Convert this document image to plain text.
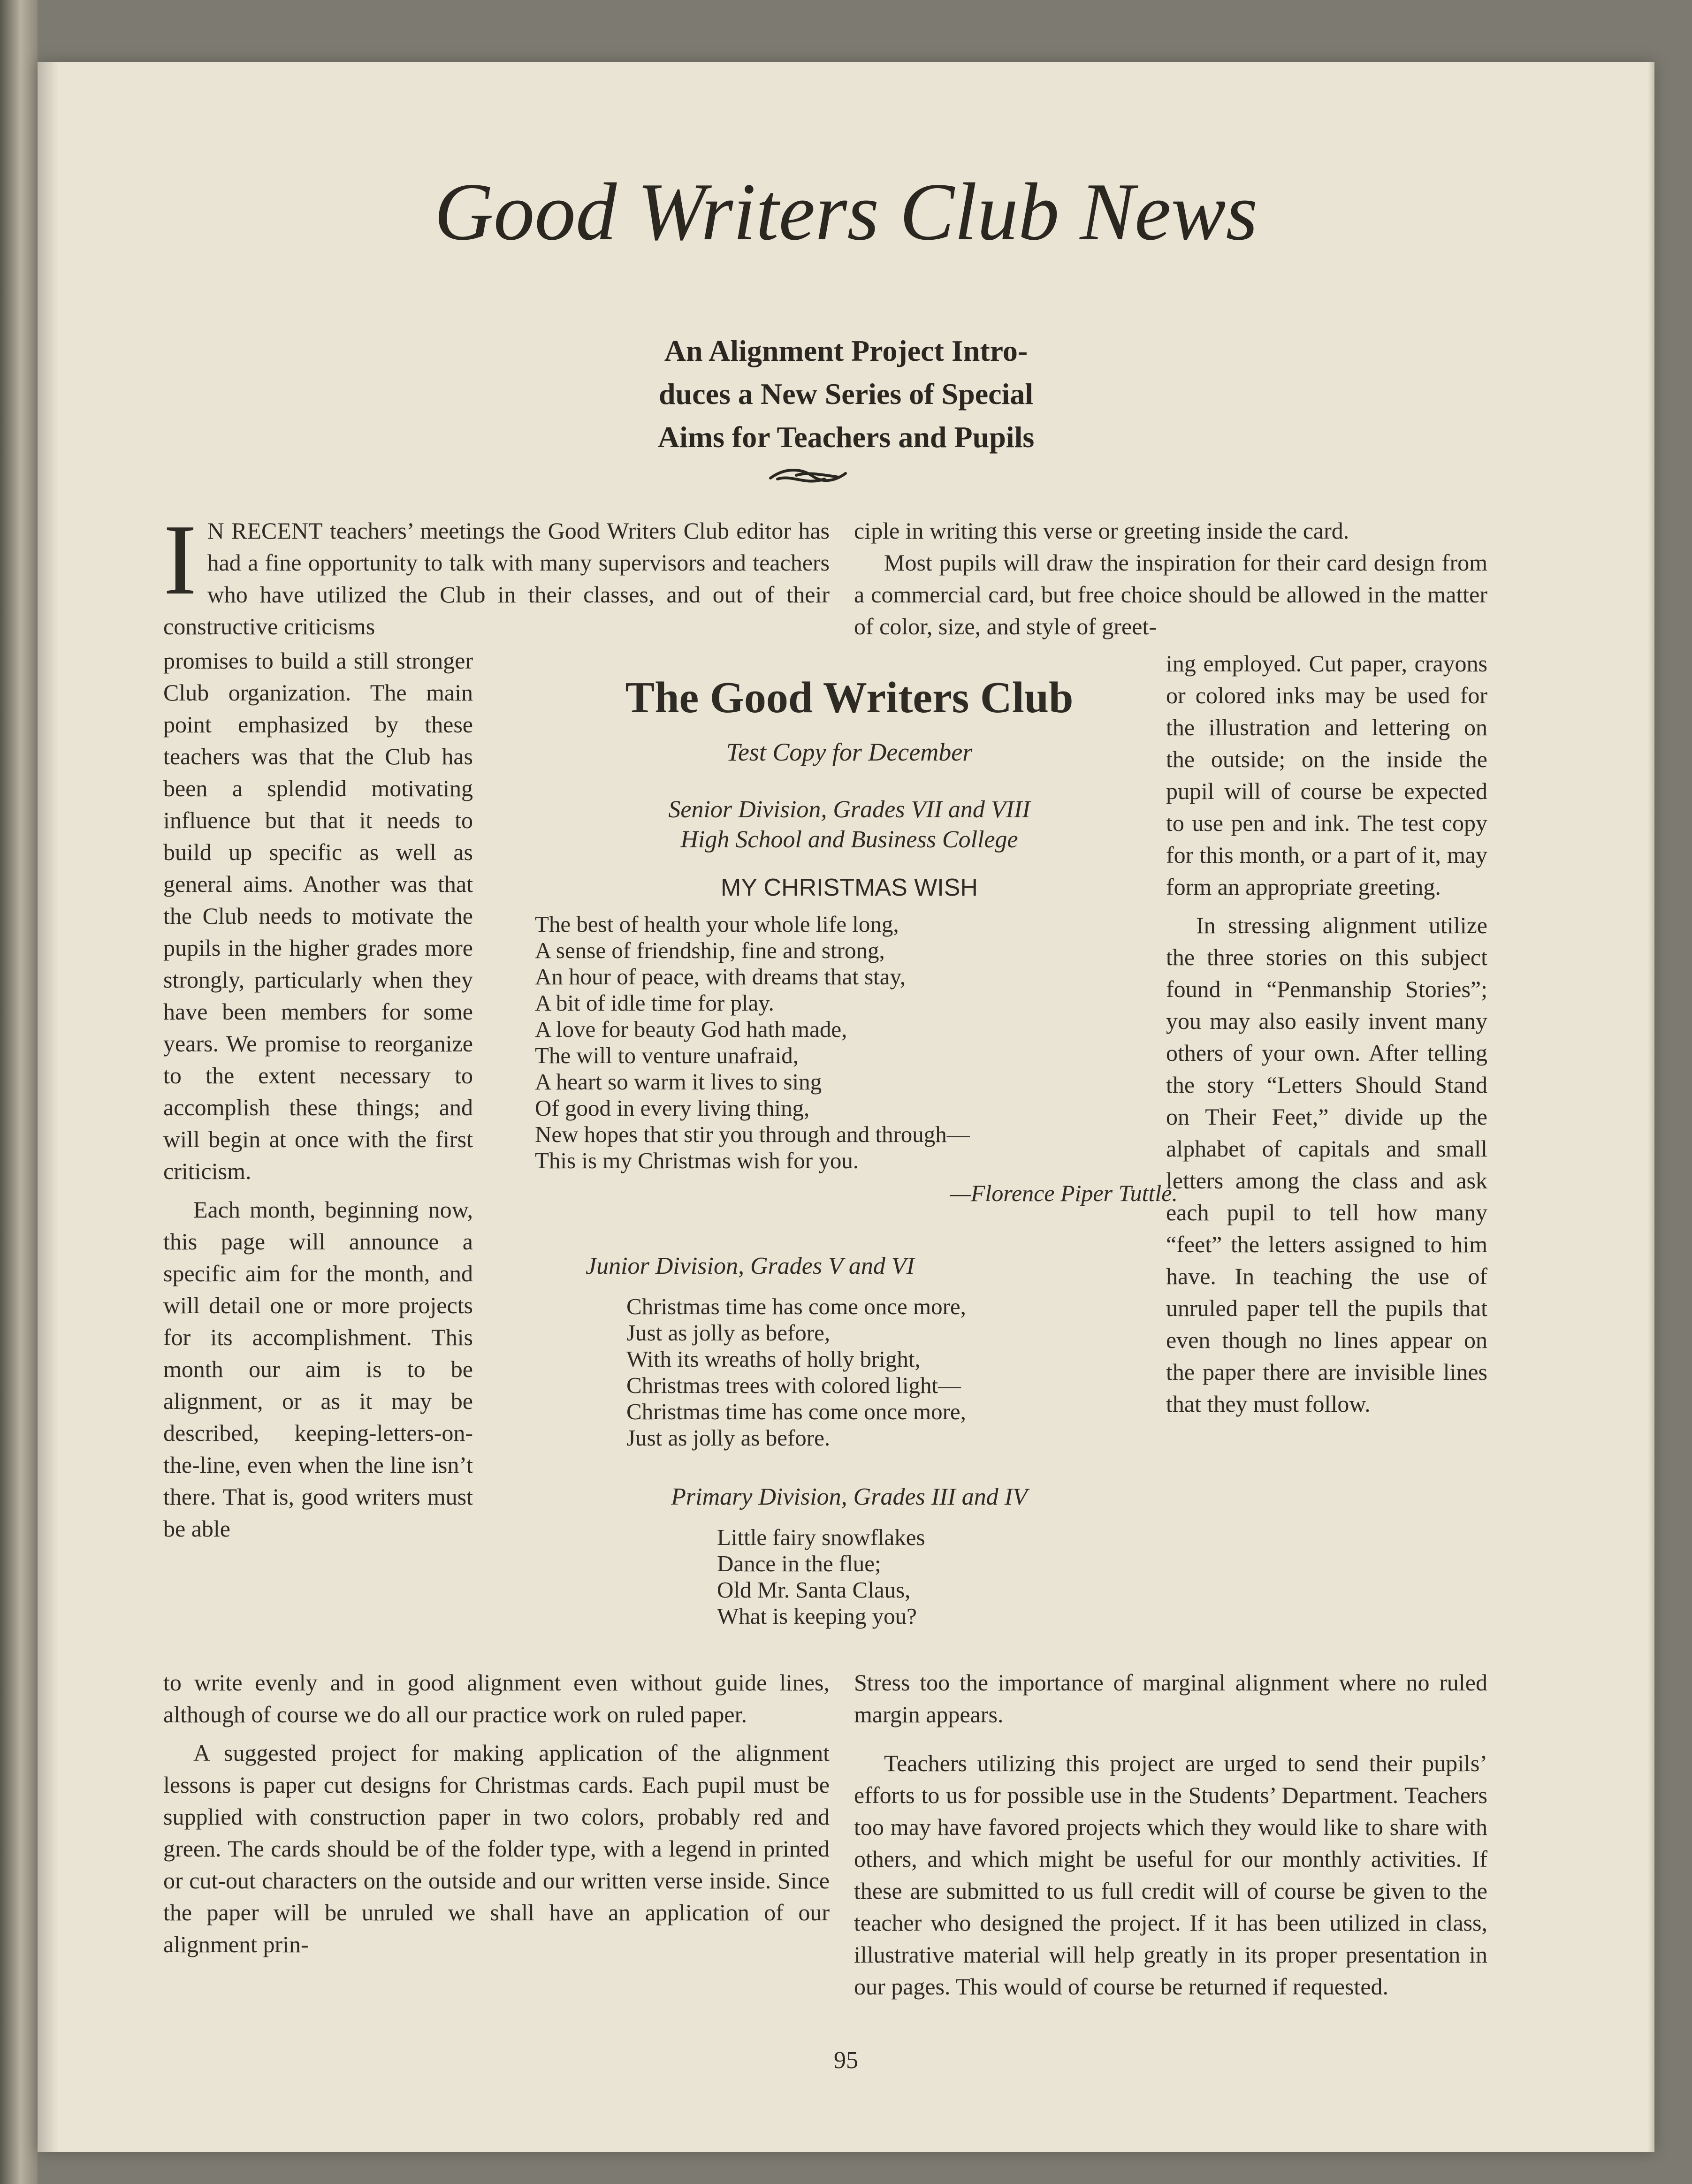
Good Writers Club News
An Alignment Project Intro-
duces a New Series of Special
Aims for Teachers and Pupils

I N RECENT teachers’ meetings the Good Writers Club editor has had a fine opportunity to talk with many supervisors and teachers who have utilized the Club in their classes, and out of their constructive criticisms

promises to build a still stronger Club organization. The main point emphasized by these teachers was that the Club has been a splendid motivating influence but that it needs to build up specific as well as general aims. Another was that the Club needs to motivate the pupils in the higher grades more strongly, particularly when they have been members for some years. We promise to reorganize to the extent necessary to accomplish these things; and will begin at once with the first criticism.

Each month, beginning now, this page will announce a specific aim for the month, and will detail one or more projects for its accomplishment. This month our aim is to be alignment, or as it may be described, keeping-letters-on-the-line, even when the line isn’t there. That is, good writers must be able

to write evenly and in good alignment even without guide lines, although of course we do all our practice work on ruled paper.

A suggested project for making application of the alignment lessons is paper cut designs for Christmas cards. Each pupil must be supplied with construction paper in two colors, probably red and green. The cards should be of the folder type, with a legend in printed or cut-out characters on the outside and our written verse inside. Since the paper will be unruled we shall have an application of our alignment prin-

ciple in writing this verse or greeting inside the card.

Most pupils will draw the inspiration for their card design from a commercial card, but free choice should be allowed in the matter of color, size, and style of greet-

ing employed. Cut paper, crayons or colored inks may be used for the illustration and lettering on the outside; on the inside the pupil will of course be expected to use pen and ink. The test copy for this month, or a part of it, may form an appropriate greeting.

In stressing alignment utilize the three stories on this subject found in “Penmanship Stories”; you may also easily invent many others of your own. After telling the story “Letters Should Stand on Their Feet,” divide up the alphabet of capitals and small letters among the class and ask each pupil to tell how many “feet” the letters assigned to him have. In teaching the use of unruled paper tell the pupils that even though no lines appear on the paper there are invisible lines that they must follow.

Stress too the importance of marginal alignment where no ruled margin appears.

Teachers utilizing this project are urged to send their pupils’ efforts to us for possible use in the Students’ Department. Teachers too may have favored projects which they would like to share with others, and which might be useful for our monthly activities. If these are submitted to us full credit will of course be given to the teacher who designed the project. If it has been utilized in class, illustrative material will help greatly in its proper presentation in our pages. This would of course be returned if requested.

The Good Writers Club

Test Copy for December

Senior Division, Grades VII and VIII

High School and Business College

MY CHRISTMAS WISH
The best of health your whole life long,
A sense of friendship, fine and strong,
An hour of peace, with dreams that stay,
A bit of idle time for play.
A love for beauty God hath made,
The will to venture unafraid,
A heart so warm it lives to sing
Of good in every living thing,
New hopes that stir you through and through—
This is my Christmas wish for you.
—Florence Piper Tuttle.

Junior Division, Grades V and VI

Christmas time has come once more,
Just as jolly as before,
With its wreaths of holly bright,
Christmas trees with colored light—
Christmas time has come once more,
Just as jolly as before.

Primary Division, Grades III and IV

Little fairy snowflakes
Dance in the flue;
Old Mr. Santa Claus,
What is keeping you?
95
